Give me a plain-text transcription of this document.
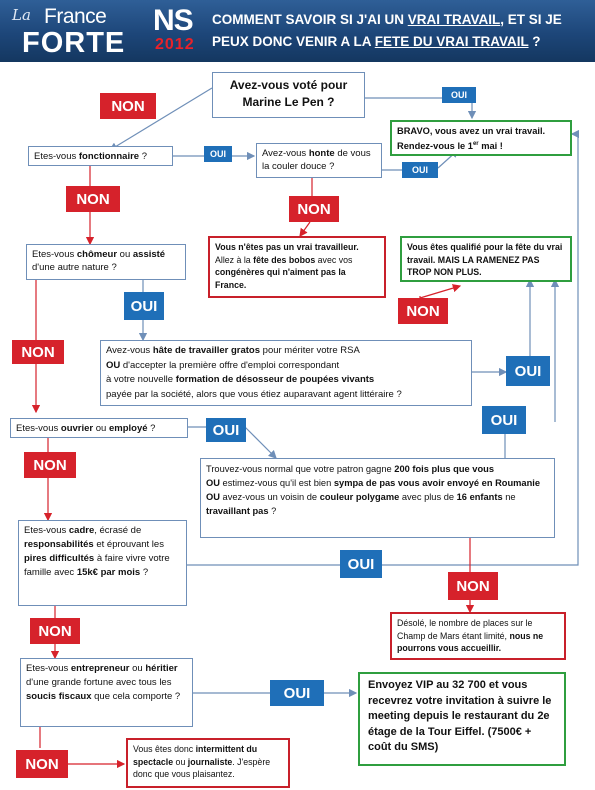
La France
FORTE
NS
2012
COMMENT SAVOIR SI J'AI UN VRAI TRAVAIL, ET SI JE PEUX DONC VENIR A LA FETE DU VRAI TRAVAIL ?
Avez-vous voté pour Marine Le Pen ?
BRAVO, vous avez un vrai travail. Rendez-vous le 1er mai !
Etes-vous fonctionnaire ?	Avez-vous honte de vous la couler douce ?
Vous n'êtes pas un vrai travailleur. Allez à la fête des bobos avec vos congénères qui n'aiment pas la France.
Vous êtes qualifié pour la fête du vrai travail. MAIS LA RAMENEZ PAS TROP NON PLUS.
Etes-vous chômeur ou assisté d'une autre nature ?
Avez-vous hâte de travailler gratos pour mériter votre RSA
OU d'accepter la première offre d'emploi correspondant
à votre nouvelle formation de désosseur de poupées vivants
payée par la société, alors que vous étiez auparavant agent littéraire ?
Etes-vous ouvrier ou employé ?
Trouvez-vous normal que votre patron gagne 200 fois plus que vous
OU estimez-vous qu'il est bien sympa de pas vous avoir envoyé en Roumanie
OU avez-vous un voisin de couleur polygame avec plus de 16 enfants ne travaillant pas ?
Etes-vous cadre, écrasé de responsabilités et éprouvant les pires difficultés à faire vivre votre famille avec 15k€ par mois ?
Désolé, le nombre de places sur le Champ de Mars étant limité, nous ne pourrons vous accueillir.
Etes-vous entrepreneur ou héritier d'une grande fortune avec tous les soucis fiscaux que cela comporte ?
Envoyez VIP au 32 700 et vous recevrez votre invitation à suivre le meeting depuis le restaurant du 2e étage de la Tour Eiffel. (7500€ + coût du SMS)
Vous êtes donc intermittent du spectacle ou journaliste. J'espère donc que vous plaisantez.
NON
OUI
OUI
OUI
NON
NON
OUI	NON
NON
OUI
OUI
OUI
NON
OUI
NON
NON
OUI
NON
